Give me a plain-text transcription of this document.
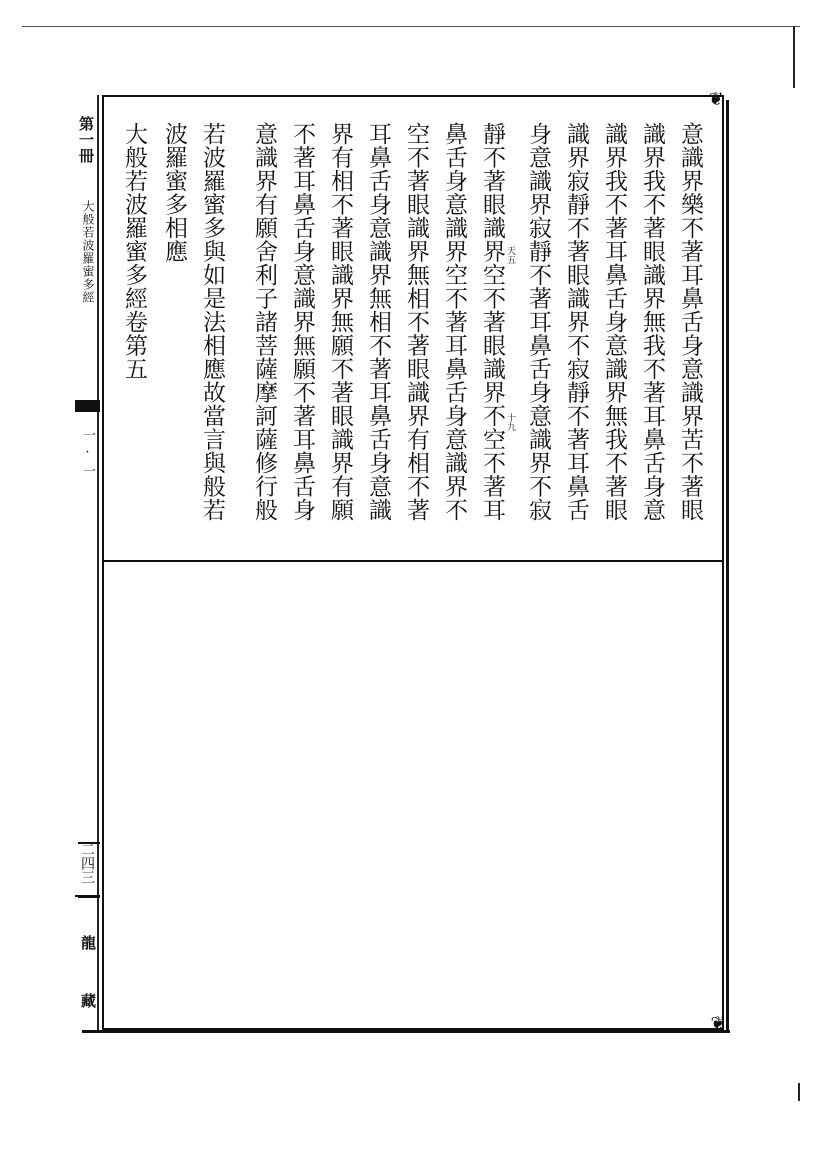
第一冊
大般若波羅蜜多經
一·一
二四三
龍
藏
❦
❦
意識界樂不著耳鼻舌身意識界苦不著眼
識界我不著眼識界無我不著耳鼻舌身意
識界我不著耳鼻舌身意識界無我不著眼
識界寂靜不著眼識界不寂靜不著耳鼻舌
身意識界寂靜不著耳鼻舌身意識界不寂
靜不著眼識界空不著眼識界不空不著耳
鼻舌身意識界空不著耳鼻舌身意識界不
空不著眼識界無相不著眼識界有相不著
耳鼻舌身意識界無相不著耳鼻舌身意識
界有相不著眼識界無願不著眼識界有願
不著耳鼻舌身意識界無願不著耳鼻舌身
意識界有願舍利子諸菩薩摩訶薩修行般
若波羅蜜多與如是法相應故當言與般若
波羅蜜多相應
大般若波羅蜜多經卷第五	天五
十九
